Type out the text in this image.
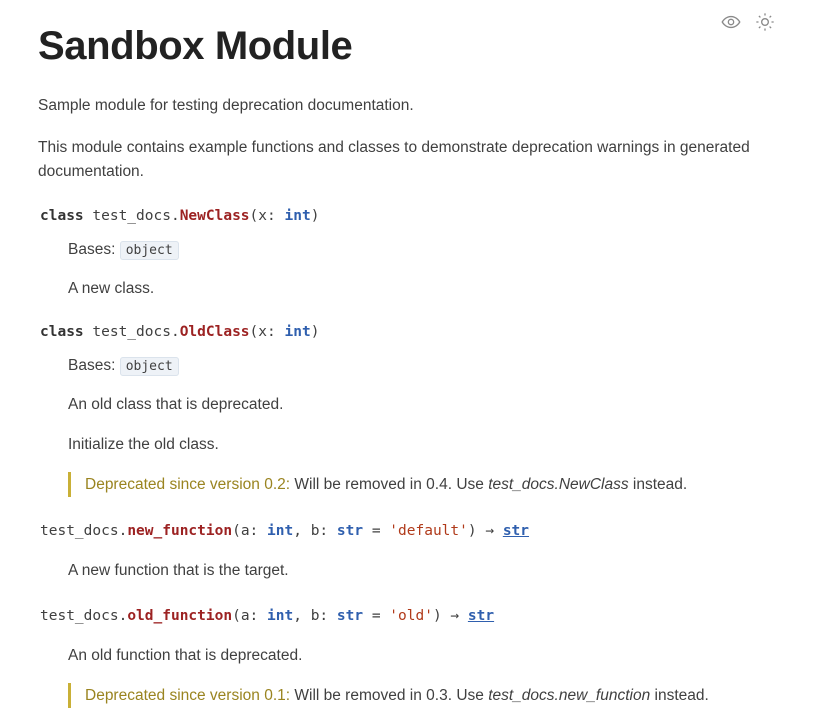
Sandbox Module

Sample module for testing deprecation documentation.

This module contains example functions and classes to demonstrate deprecation warnings in generated documentation.

class test_docs.NewClass(x: int)
Bases: object
A new class.
class test_docs.OldClass(x: int)
Bases: object
An old class that is deprecated.
Initialize the old class.
Deprecated since version 0.2: Will be removed in 0.4. Use test_docs.NewClass instead.
test_docs.new_function(a: int, b: str = 'default') → str
A new function that is the target.
test_docs.old_function(a: int, b: str = 'old') → str
An old function that is deprecated.
Deprecated since version 0.1: Will be removed in 0.3. Use test_docs.new_function instead.
